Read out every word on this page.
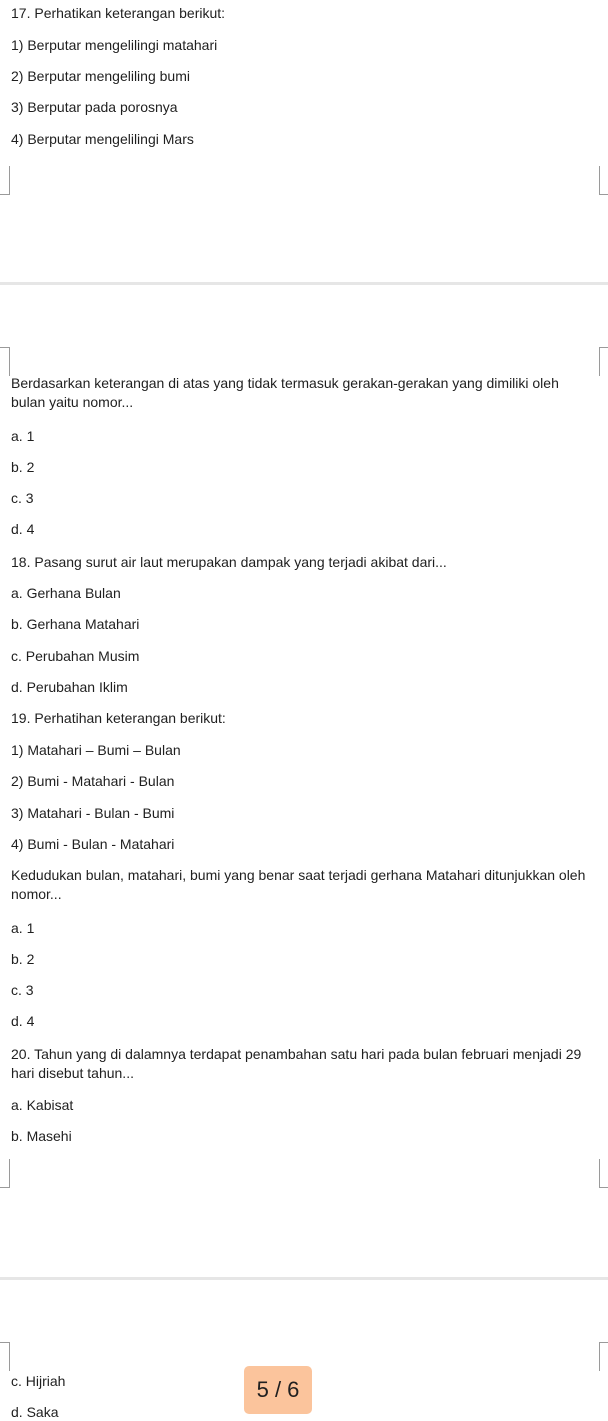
17. Perhatikan keterangan berikut:
1) Berputar mengelilingi matahari
2) Berputar mengeliling bumi
3) Berputar pada porosnya
4) Berputar mengelilingi Mars
Berdasarkan keterangan di atas yang tidak termasuk gerakan-gerakan yang dimiliki oleh bulan yaitu nomor...
a. 1
b. 2
c. 3
d. 4
18. Pasang surut air laut merupakan dampak yang terjadi akibat dari...
a. Gerhana Bulan
b. Gerhana Matahari
c. Perubahan Musim
d. Perubahan Iklim
19. Perhatihan keterangan berikut:
1) Matahari – Bumi – Bulan
2) Bumi - Matahari - Bulan
3) Matahari - Bulan - Bumi
4) Bumi - Bulan - Matahari
Kedudukan bulan, matahari, bumi yang benar saat terjadi gerhana Matahari ditunjukkan oleh nomor...
a. 1
b. 2
c. 3
d. 4
20. Tahun yang di dalamnya terdapat penambahan satu hari pada bulan februari menjadi 29 hari disebut tahun...
a. Kabisat
b. Masehi
c. Hijriah
d. Saka
5 / 6
